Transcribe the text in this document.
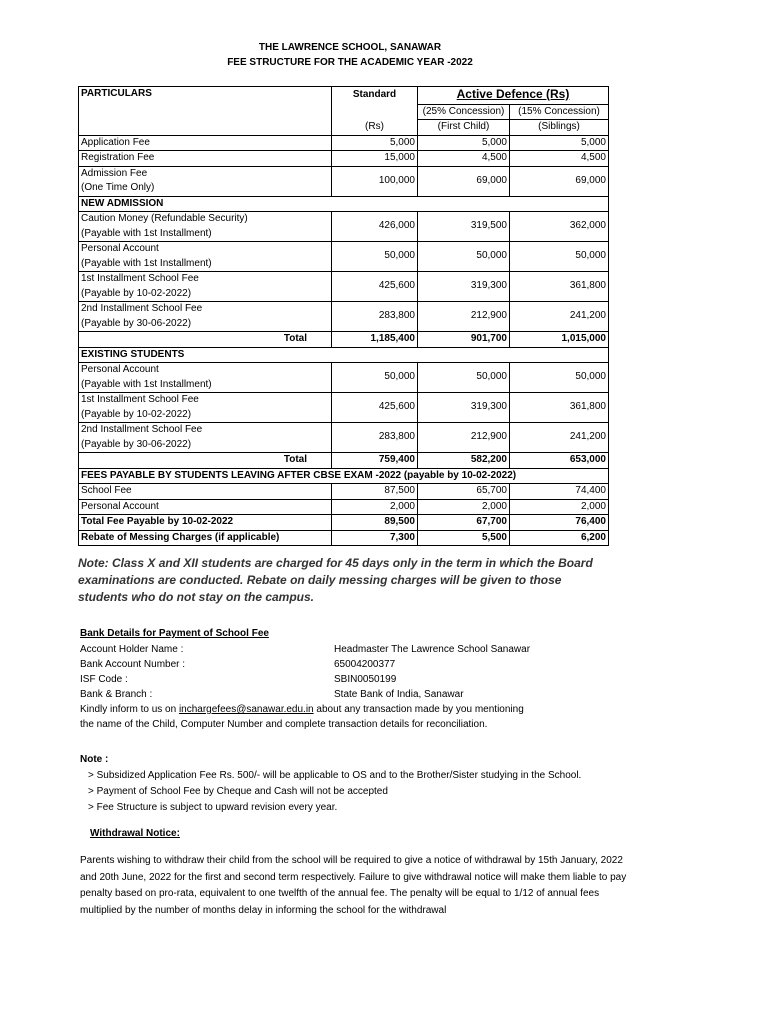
THE LAWRENCE SCHOOL, SANAWAR
FEE STRUCTURE FOR THE ACADEMIC YEAR -2022
PARTICULARS	Standard	Active Defence (Rs)	
		(25% Concession)	(15% Concession)
	(Rs)	(First Child)	(Siblings)
Application Fee	5,000	5,000	5,000
Registration Fee	15,000	4,500	4,500

Admission Fee
(One Time Only)	100,000	69,000	69,000
NEW ADMISSION			

Caution Money (Refundable Security)
(Payable with 1st Installment)	426,000	319,500	362,000

Personal Account
(Payable with 1st Installment)	50,000	50,000	50,000

1st Installment School Fee
(Payable by 10-02-2022)	425,600	319,300	361,800

2nd Installment School Fee
(Payable by 30-06-2022)	283,800	212,900	241,200
Total	1,185,400	901,700	1,015,000
EXISTING STUDENTS			

Personal Account
(Payable with 1st Installment)	50,000	50,000	50,000

1st Installment School Fee
(Payable by 10-02-2022)	425,600	319,300	361,800

2nd Installment School Fee
(Payable by 30-06-2022)	283,800	212,900	241,200
Total	759,400	582,200	653,000
FEES PAYABLE BY STUDENTS LEAVING AFTER CBSE EXAM -2022 (payable by 10-02-2022)			
School Fee	87,500	65,700	74,400
Personal Account	2,000	2,000	2,000
Total Fee Payable by 10-02-2022	89,500	67,700	76,400
Rebate of Messing Charges (if applicable)	7,300	5,500	6,200
Note: Class X and XII students are charged for 45 days only in the term in which the Board
examinations are conducted. Rebate on daily messing charges will be given to those
students who do not stay on the campus.
Bank Details for Payment of School Fee
Account Holder Name :	Headmaster The Lawrence School Sanawar
Bank Account Number :	65004200377
ISF Code :	SBIN0050199
Bank & Branch :	State Bank of India, Sanawar
Kindly inform to us on inchargefees@sanawar.edu.in about any transaction made by you mentioning
the name of the Child, Computer Number and complete transaction details for reconciliation.
Note :
> Subsidized Application Fee Rs. 500/- will be applicable to OS and to the Brother/Sister studying in the School.
> Payment of School Fee by Cheque and Cash will not be accepted
> Fee Structure is subject to upward revision every year.
Withdrawal Notice:
Parents wishing to withdraw their child from the school will be required to give a notice of withdrawal by 15th January, 2022
and 20th June, 2022 for the first and second term respectively. Failure to give withdrawal notice will make them liable to pay
penalty based on pro-rata, equivalent to one twelfth of the annual fee. The penalty will be equal to 1/12 of annual fees
multiplied by the number of months delay in informing the school for the withdrawal
